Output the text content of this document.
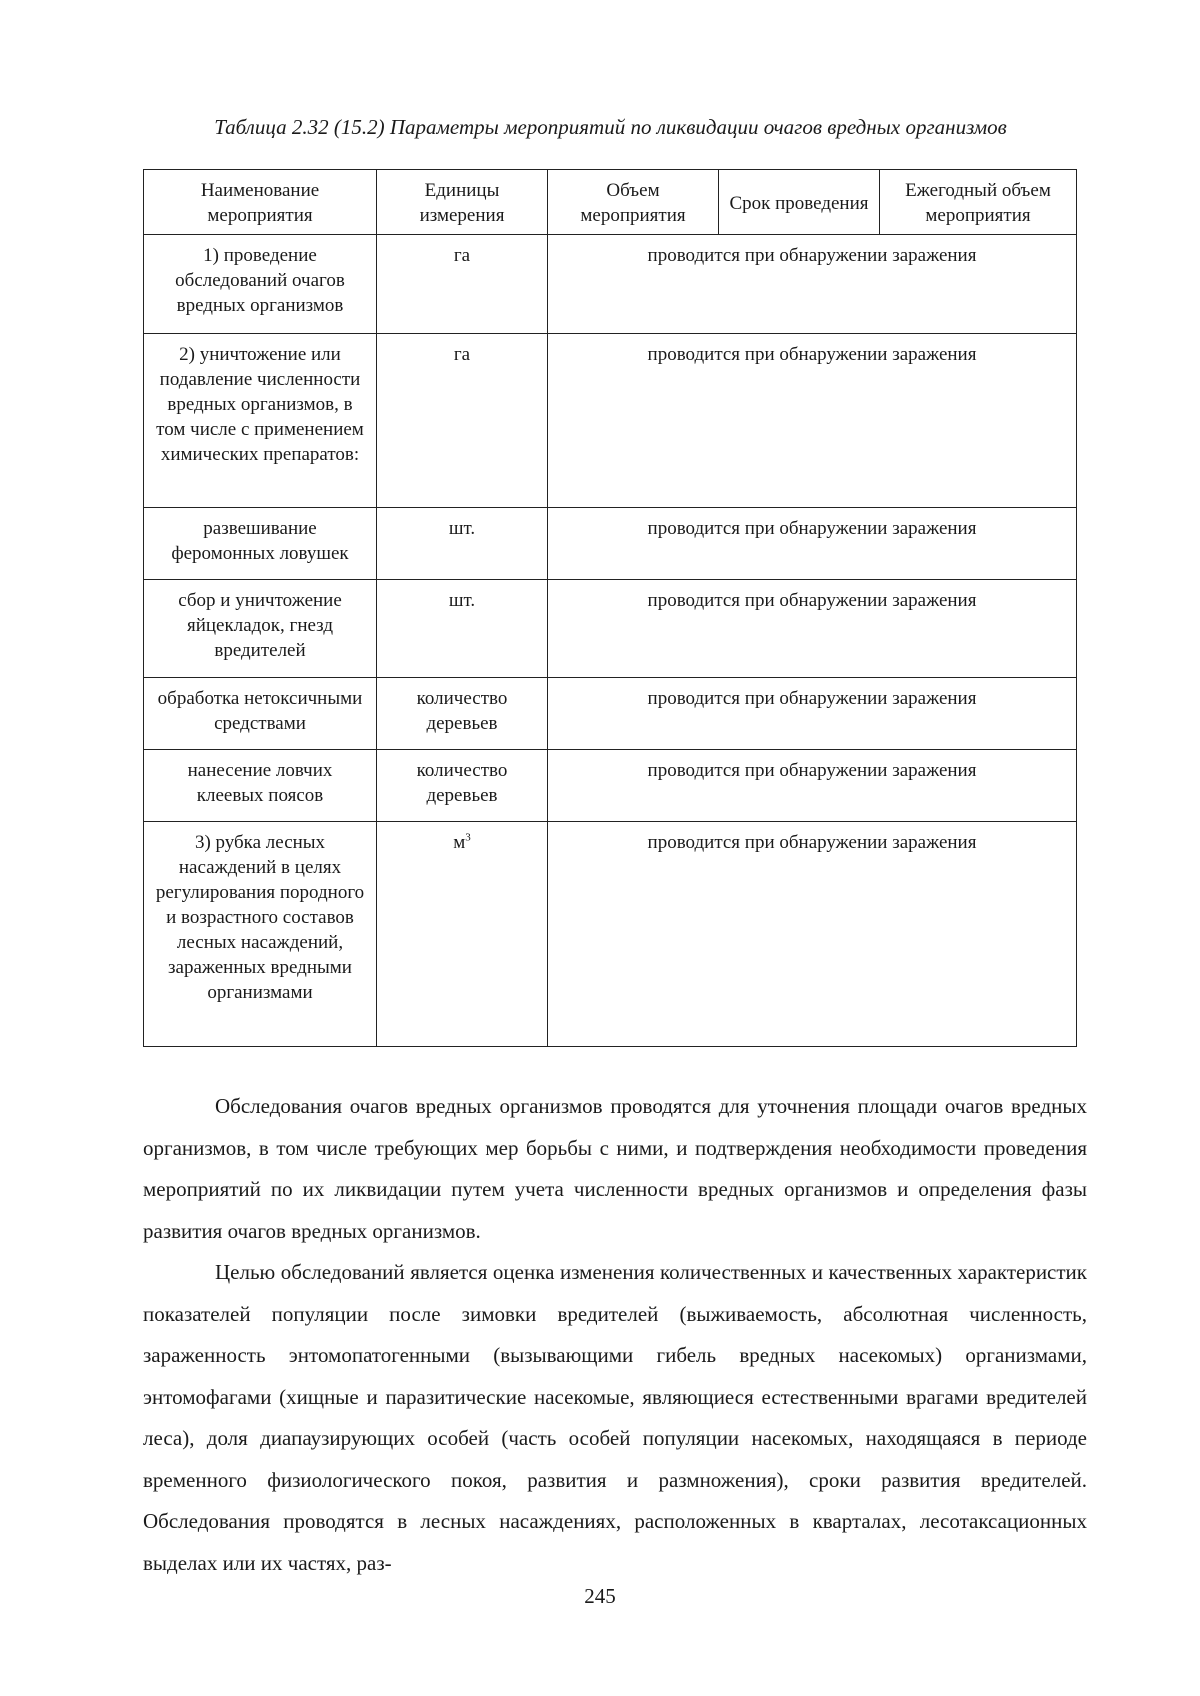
Таблица 2.32 (15.2) Параметры мероприятий по ликвидации очагов вредных организмов
Наименование мероприятия	Единицы измерения	Объем мероприятия	Срок проведения	Ежегодный объем мероприятия
1) проведение обследований очагов вредных организмов	га	проводится при обнаружении заражения		
2) уничтожение или подавление численности вредных организмов, в том числе с применением химических препаратов:	га	проводится при обнаружении заражения		
развешивание феромонных ловушек	шт.	проводится при обнаружении заражения		
сбор и уничтожение яйцекладок, гнезд вредителей	шт.	проводится при обнаружении заражения		
обработка нетоксичными средствами	количество деревьев	проводится при обнаружении заражения		
нанесение ловчих клеевых поясов	количество деревьев	проводится при обнаружении заражения		
3) рубка лесных насаждений в целях регулирования породного и возрастного составов лесных насаждений, зараженных вредными организмами	$м^3$	проводится при обнаружении заражения		

Обследования очагов вредных организмов проводятся для уточнения площади очагов вредных организмов, в том числе требующих мер борьбы с ними, и подтверждения необходимости проведения мероприятий по их ликвидации путем учета численности вредных организмов и определения фазы развития очагов вредных организмов.

Целью обследований является оценка изменения количественных и качественных характеристик показателей популяции после зимовки вредителей (выживаемость, абсолютная численность, зараженность энтомопатогенными (вызывающими гибель вредных насекомых) организмами, энтомофагами (хищные и паразитические насекомые, являющиеся естественными врагами вредителей леса), доля диапаузирующих особей (часть особей популяции насекомых, находящаяся в периоде временного физиологического покоя, развития и размножения), сроки развития вредителей. Обследования проводятся в лесных насаждениях, расположенных в кварталах, лесотаксационных выделах или их частях, раз-

245
